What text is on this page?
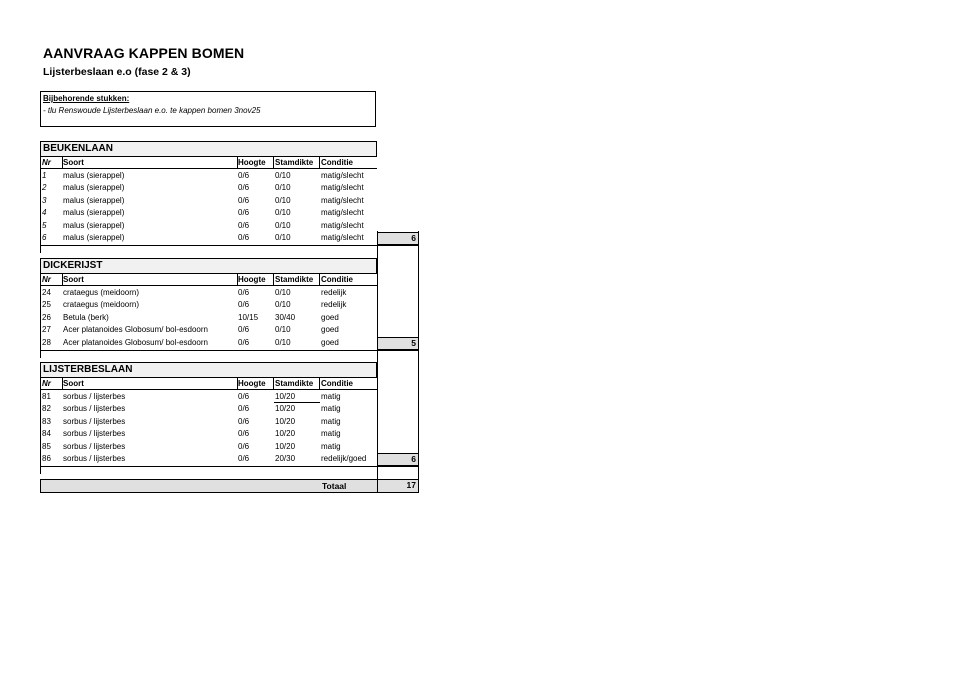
AANVRAAG KAPPEN BOMEN
Lijsterbeslaan e.o (fase 2 & 3)
Bijbehorende stukken:
- tlu Renswoude Lijsterbeslaan e.o. te kappen bomen 3nov25
BEUKENLAAN
Nr Soort	Hoogte Stamdikte Conditie
1 malus (sierappel)	0/6	0/10	matig/slecht
2 malus (sierappel)	0/6	0/10	matig/slecht
3 malus (sierappel)	0/6	0/10	matig/slecht
4 malus (sierappel)	0/6	0/10	matig/slecht
5 malus (sierappel)	0/6	0/10	matig/slecht
6 malus (sierappel)	0/6	0/10	matig/slecht	6
DICKERIJST
Nr Soort	Hoogte Stamdikte Conditie
24 crataegus (meidoorn)	0/6	0/10	redelijk
25 crataegus (meidoorn)	0/6	0/10	redelijk
26 Betula (berk)	10/15 30/40	goed
27 Acer platanoides Globosum/ bol-esdoorn	0/6	0/10	goed
28 Acer platanoides Globosum/ bol-esdoorn	0/6	0/10	goed	5
LIJSTERBESLAAN
Nr Soort	Hoogte Stamdikte Conditie
81 sorbus / lijsterbes	0/6	10/20	matig
82 sorbus / lijsterbes	0/6	10/20	matig
83 sorbus / lijsterbes	0/6	10/20	matig
84 sorbus / lijsterbes	0/6	10/20	matig
85 sorbus / lijsterbes	0/6	10/20	matig
86 sorbus / lijsterbes	0/6	20/30	redelijk/goed	6
Totaal	17
